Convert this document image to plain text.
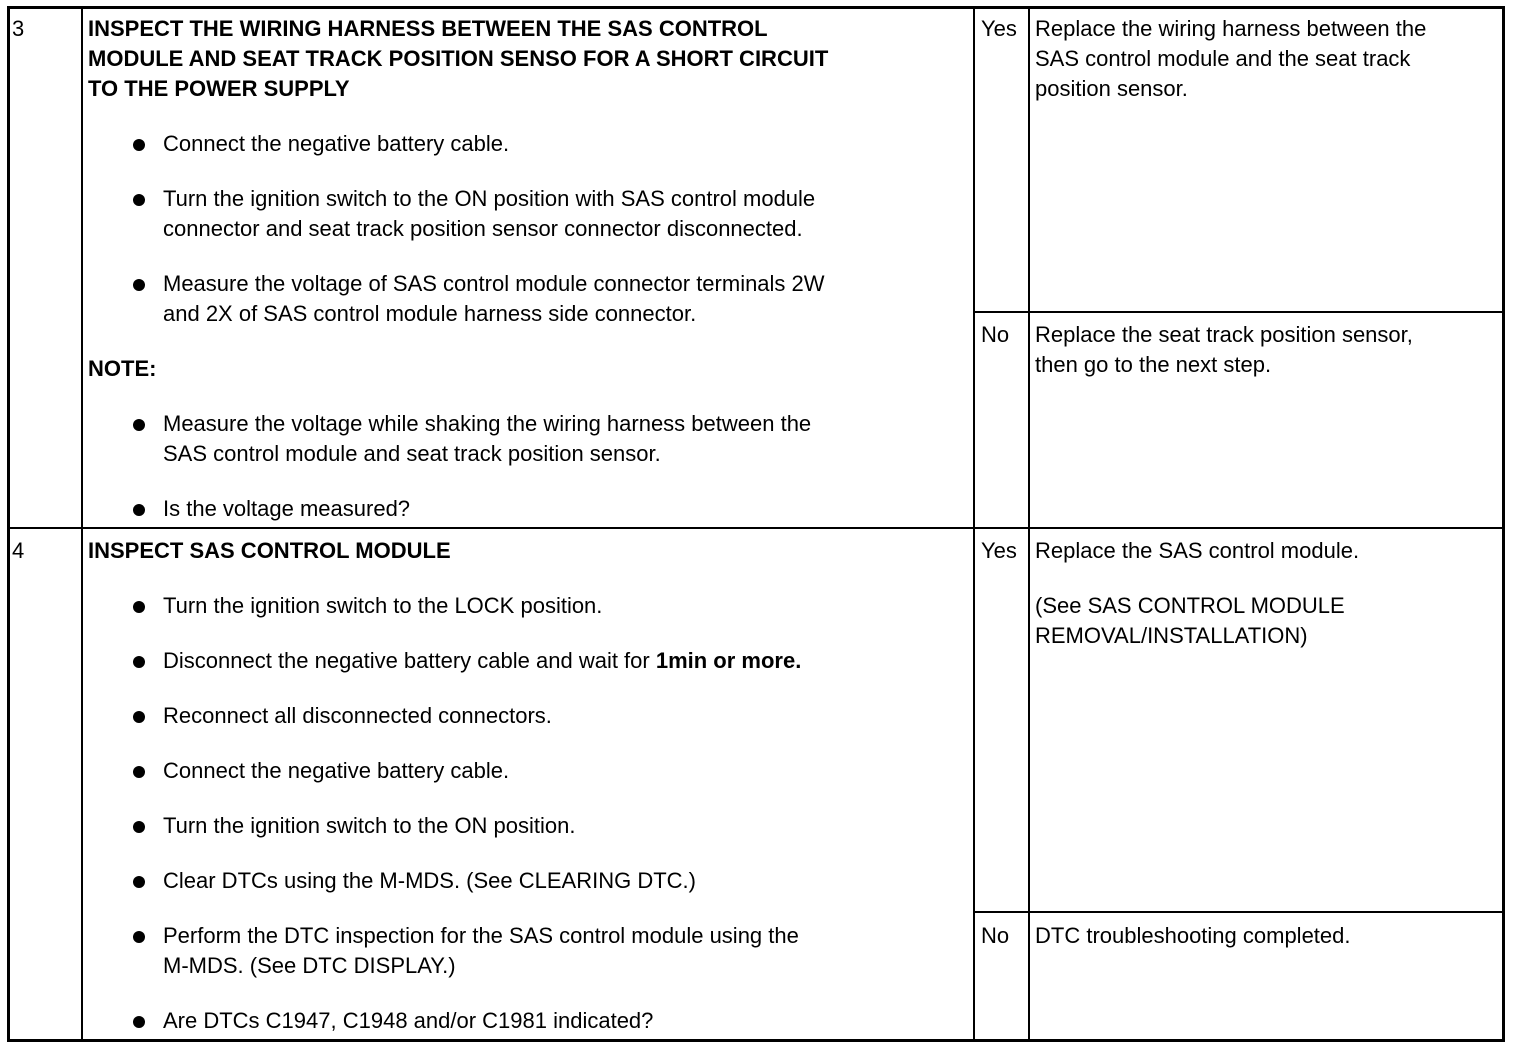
3	INSPECT THE WIRING HARNESS BETWEEN THE SAS CONTROL
MODULE AND SEAT TRACK POSITION SENSO FOR A SHORT CIRCUIT
TO THE POWER SUPPLY
Connect the negative battery cable.
Turn the ignition switch to the ON position with SAS control module
connector and seat track position sensor connector disconnected.
Measure the voltage of SAS control module connector terminals 2W
and 2X of SAS control module harness side connector.
NOTE:
Measure the voltage while shaking the wiring harness between the
SAS control module and seat track position sensor.
Is the voltage measured?
Yes Replace the wiring harness between the
SAS control module and the seat track
position sensor.
No Replace the seat track position sensor,
then go to the next step.
4	INSPECT SAS CONTROL MODULE
Turn the ignition switch to the LOCK position.
Disconnect the negative battery cable and wait for 1min or more.
Reconnect all disconnected connectors.
Connect the negative battery cable.
Turn the ignition switch to the ON position.
Clear DTCs using the M-MDS. (See CLEARING DTC.)
Perform the DTC inspection for the SAS control module using the
M-MDS. (See DTC DISPLAY.)
Are DTCs C1947, C1948 and/or C1981 indicated?
Yes Replace the SAS control module.
(See SAS CONTROL MODULE
REMOVAL/INSTALLATION)
No DTC troubleshooting completed.
